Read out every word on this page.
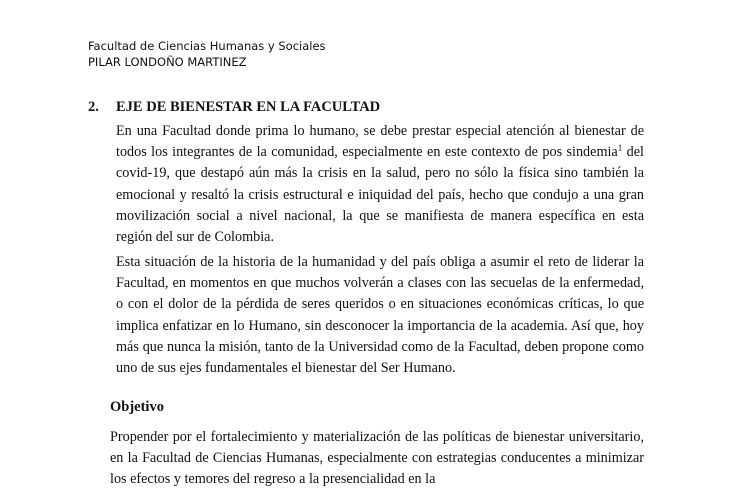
Facultad de Ciencias Humanas y Sociales
PILAR LONDOÑO MARTINEZ
2. EJE DE BIENESTAR EN LA FACULTAD

En una Facultad donde prima lo humano, se debe prestar especial atención al bienestar de todos los integrantes de la comunidad, especialmente en este contexto de pos sindemia$^1$ del covid-19, que destapó aún más la crisis en la salud, pero no sólo la física sino también la emocional y resaltó la crisis estructural e iniquidad del país, hecho que condujo a una gran movilización social a nivel nacional, la que se manifiesta de manera específica en esta región del sur de Colombia.

Esta situación de la historia de la humanidad y del país obliga a asumir el reto de liderar la Facultad, en momentos en que muchos volverán a clases con las secuelas de la enfermedad, o con el dolor de la pérdida de seres queridos o en situaciones económicas críticas, lo que implica enfatizar en lo Humano, sin desconocer la importancia de la academia. Así que, hoy más que nunca la misión, tanto de la Universidad como de la Facultad, deben propone como uno de sus ejes fundamentales el bienestar del Ser Humano.

Objetivo

Propender por el fortalecimiento y materialización de las políticas de bienestar universitario, en la Facultad de Ciencias Humanas, especialmente con estrategias conducentes a minimizar los efectos y temores del regreso a la presencialidad en la
